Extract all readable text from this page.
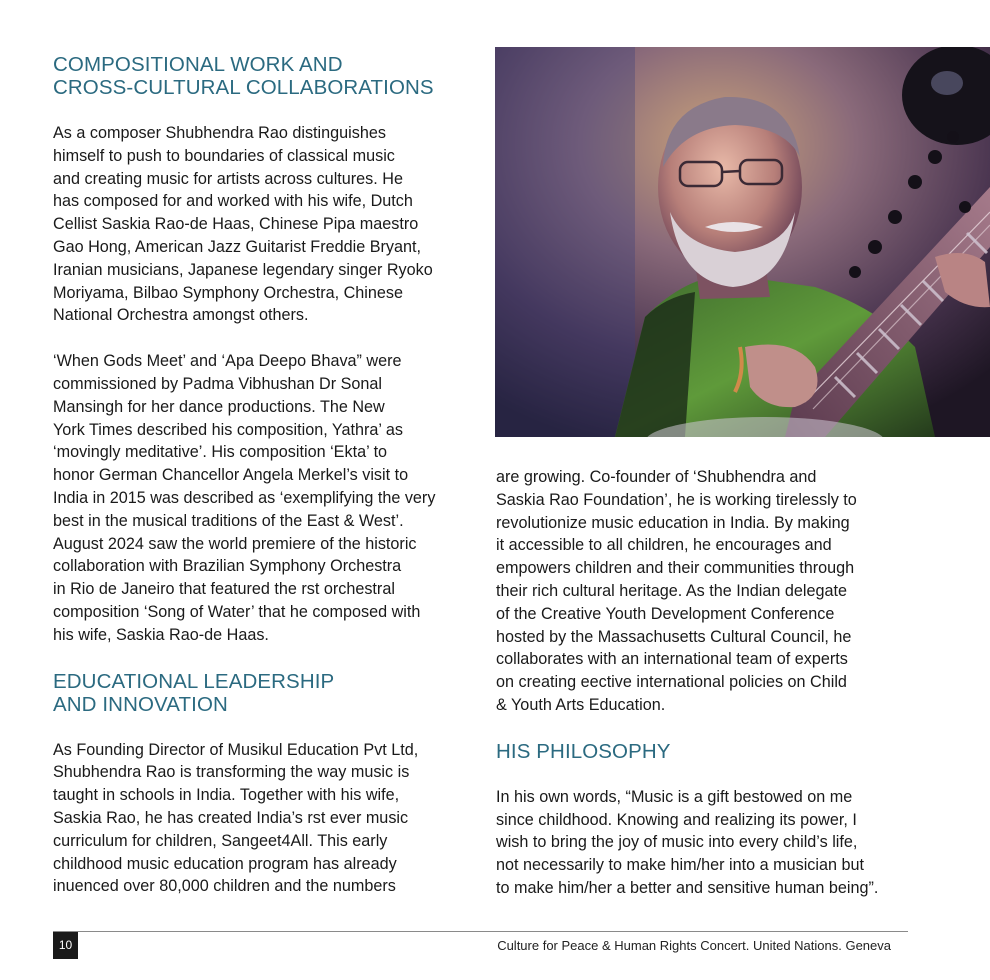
COMPOSITIONAL WORK AND
CROSS-CULTURAL COLLABORATIONS

As a composer Shubhendra Rao distinguishes
himself to push to boundaries of classical music
and creating music for artists across cultures. He
has composed for and worked with his wife, Dutch
Cellist Saskia Rao-de Haas, Chinese Pipa maestro
Gao Hong, American Jazz Guitarist Freddie Bryant,
Iranian musicians, Japanese legendary singer Ryoko
Moriyama, Bilbao Symphony Orchestra, Chinese
National Orchestra amongst others.

‘When Gods Meet’ and ‘Apa Deepo Bhava” were
commissioned by Padma Vibhushan Dr Sonal
Mansingh for her dance productions. The New
York Times described his composition, Yathra’ as
‘movingly meditative’. His composition ‘Ekta’ to
honor German Chancellor Angela Merkel’s visit to
India in 2015 was described as ‘exemplifying the very
best in the musical traditions of the East & West’.
August 2024 saw the world premiere of the historic
collaboration with Brazilian Symphony Orchestra
in Rio de Janeiro that featured the rst orchestral
composition ‘Song of Water’ that he composed with
his wife, Saskia Rao-de Haas.

EDUCATIONAL LEADERSHIP
AND INNOVATION

As Founding Director of Musikul Education Pvt Ltd,
Shubhendra Rao is transforming the way music is
taught in schools in India. Together with his wife,
Saskia Rao, he has created India’s rst ever music
curriculum for children, Sangeet4All. This early
childhood music education program has already
inuenced over 80,000 children and the numbers

are growing. Co-founder of ‘Shubhendra and
Saskia Rao Foundation’, he is working tirelessly to
revolutionize music education in India. By making
it accessible to all children, he encourages and
empowers children and their communities through
their rich cultural heritage. As the Indian delegate
of the Creative Youth Development Conference
hosted by the Massachusetts Cultural Council, he
collaborates with an international team of experts
on creating eective international policies on Child
& Youth Arts Education.

HIS PHILOSOPHY

In his own words, “Music is a gift bestowed on me
since childhood. Knowing and realizing its power, I
wish to bring the joy of music into every child’s life,
not necessarily to make him/her into a musician but
to make him/her a better and sensitive human being”.

10	Culture for Peace & Human Rights Concert. United Nations. Geneva
